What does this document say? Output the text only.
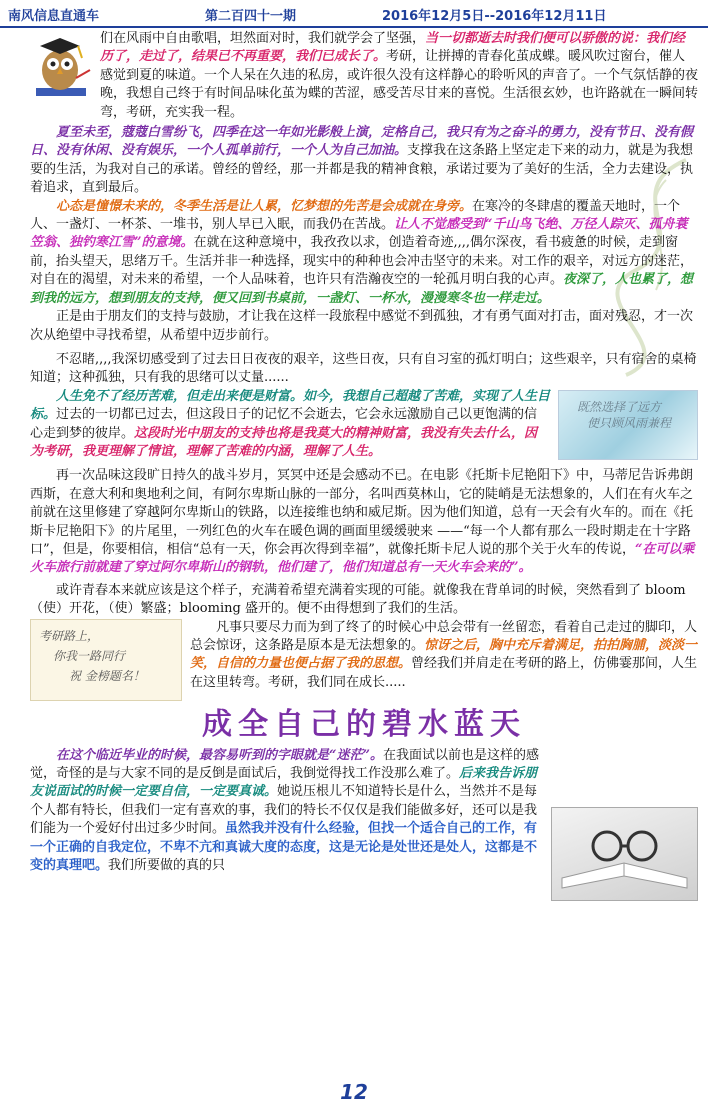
南风信息直通车	第二百四十一期	2016年12月5日--2016年12月11日

们在风雨中自由歌唱，坦然面对时，我们就学会了坚强，当一切都逝去时我们便可以骄傲的说：我们经历了，走过了，结果已不再重要，我们已成长了。考研，让拼搏的青春化茧成蝶。暖风吹过窗台，催人感觉到夏的味道。一个人呆在久违的私房，或许很久没有这样静心的聆听风的声音了。一个气氛恬静的夜晚，我想自己终于有时间品味化茧为蝶的苦涩，感受苦尽甘来的喜悦。生活很玄妙，也许路就在一瞬间转弯，考研，充实我一程。

夏至未至，蔻蔻白雪纷飞，四季在这一年如光影般上演，定格自己，我只有为之奋斗的勇力，没有节日、没有假日、没有休闲、没有娱乐，一个人孤单前行，一个人为自己加油。支撑我在这条路上坚定走下来的动力，就是为我想要的生活，为我对自己的承诺。曾经的曾经，那一并都是我的精神食粮，承诺过要为了美好的生活，全力去建设，执着追求，直到最后。

心态是憧憬未来的，冬季生活是让人累，忆梦想的先苦是会成就在身旁。在寒冷的冬肆虐的覆盖天地时，一个人、一盏灯、一杯茶、一堆书，别人早已入眠，而我仍在苦战。让人不觉感受到“千山鸟飞绝、万径人踪灭、孤舟蓑笠翁、独钓寒江雪”的意境。在就在这种意境中，我孜孜以求，创造着奇迹,,,,偶尔深夜，看书疲惫的时候，走到窗前，抬头望天，思绪万千。生活并非一种选择，现实中的种种也会冲击坚守的未来。对工作的艰辛，对远方的迷茫，对自在的渴望，对未来的希望，一个人品味着，也许只有浩瀚夜空的一轮孤月明白我的心声。夜深了，人也累了，想到我的远方，想到朋友的支持，便又回到书桌前，一盏灯、一杯水，漫漫寒冬也一样走过。

正是由于朋友们的支持与鼓励，才让我在这样一段旅程中感觉不到孤独，才有勇气面对打击，面对残忍，才一次次从绝望中寻找希望，从希望中迈步前行。

不忍睹,,,,我深切感受到了过去日日夜夜的艰辛，这些日夜，只有自习室的孤灯明白；这些艰辛，只有宿舍的桌椅知道；这种孤独，只有我的思绪可以丈量......

既然选择了远方
便只顾风雨兼程

人生免不了经历苦难，但走出来便是财富。如今，我想自己超越了苦难，实现了人生目标。过去的一切都已过去，但这段日子的记忆不会逝去，它会永远激励自己以更饱满的信心走到梦的彼岸。这段时光中朋友的支持也将是我莫大的精神财富，我没有失去什么，因为考研，我更理解了情谊，理解了苦难的内涵，理解了人生。

再一次品味这段旷日持久的战斗岁月，冥冥中还是会感动不已。在电影《托斯卡尼艳阳下》中，马蒂尼告诉弗朗西斯，在意大利和奥地利之间，有阿尔卑斯山脉的一部分，名叫西莫林山，它的陡峭是无法想象的，人们在有火车之前就在这里修建了穿越阿尔卑斯山的铁路，以连接维也纳和威尼斯。因为他们知道，总有一天会有火车的。而在《托斯卡尼艳阳下》的片尾里，一列红色的火车在暖色调的画面里缓缓驶来 ——“每一个人都有那么一段时期走在十字路口”，但是，你要相信，相信“总有一天，你会再次得到幸福”，就像托斯卡尼人说的那个关于火车的传说，“在可以乘火车旅行前就建了穿过阿尔卑斯山的钢轨，他们建了，他们知道总有一天火车会来的”。

或许青春本来就应该是这个样子，充满着希望充满着实现的可能。就像我在背单词的时候，突然看到了 bloom（使）开花，（使）繁盛；blooming 盛开的。便不由得想到了我们的生活。

考研路上，
你我一路同行
祝 金榜题名！

凡事只要尽力而为到了终了的时候心中总会带有一丝留恋，看着自己走过的脚印，人总会惊讶，这条路是原本是无法想象的。惊讶之后，胸中充斥着满足，拍拍胸脯，淡淡一笑，自信的力量也便占据了我的思想。曾经我们并肩走在考研的路上，仿佛霎那间，人生在这里转弯。考研，我们同在成长.....

成全自己的碧水蓝天

在这个临近毕业的时候，最容易听到的字眼就是“迷茫”。在我面试以前也是这样的感觉，奇怪的是与大家不同的是反倒是面试后，我倒觉得找工作没那么难了。后来我告诉朋友说面试的时候一定要自信，一定要真诚。她说压根儿不知道特长是什么，当然并不是每个人都有特长，但我们一定有喜欢的事，我们的特长不仅仅是我们能做多好，还可以是我们能为一个爱好付出过多少时间。虽然我并没有什么经验，但找一个适合自己的工作，有一个正确的自我定位，不卑不亢和真诚大度的态度，这是无论是处世还是处人，这都是不变的真理吧。我们所要做的真的只

12
